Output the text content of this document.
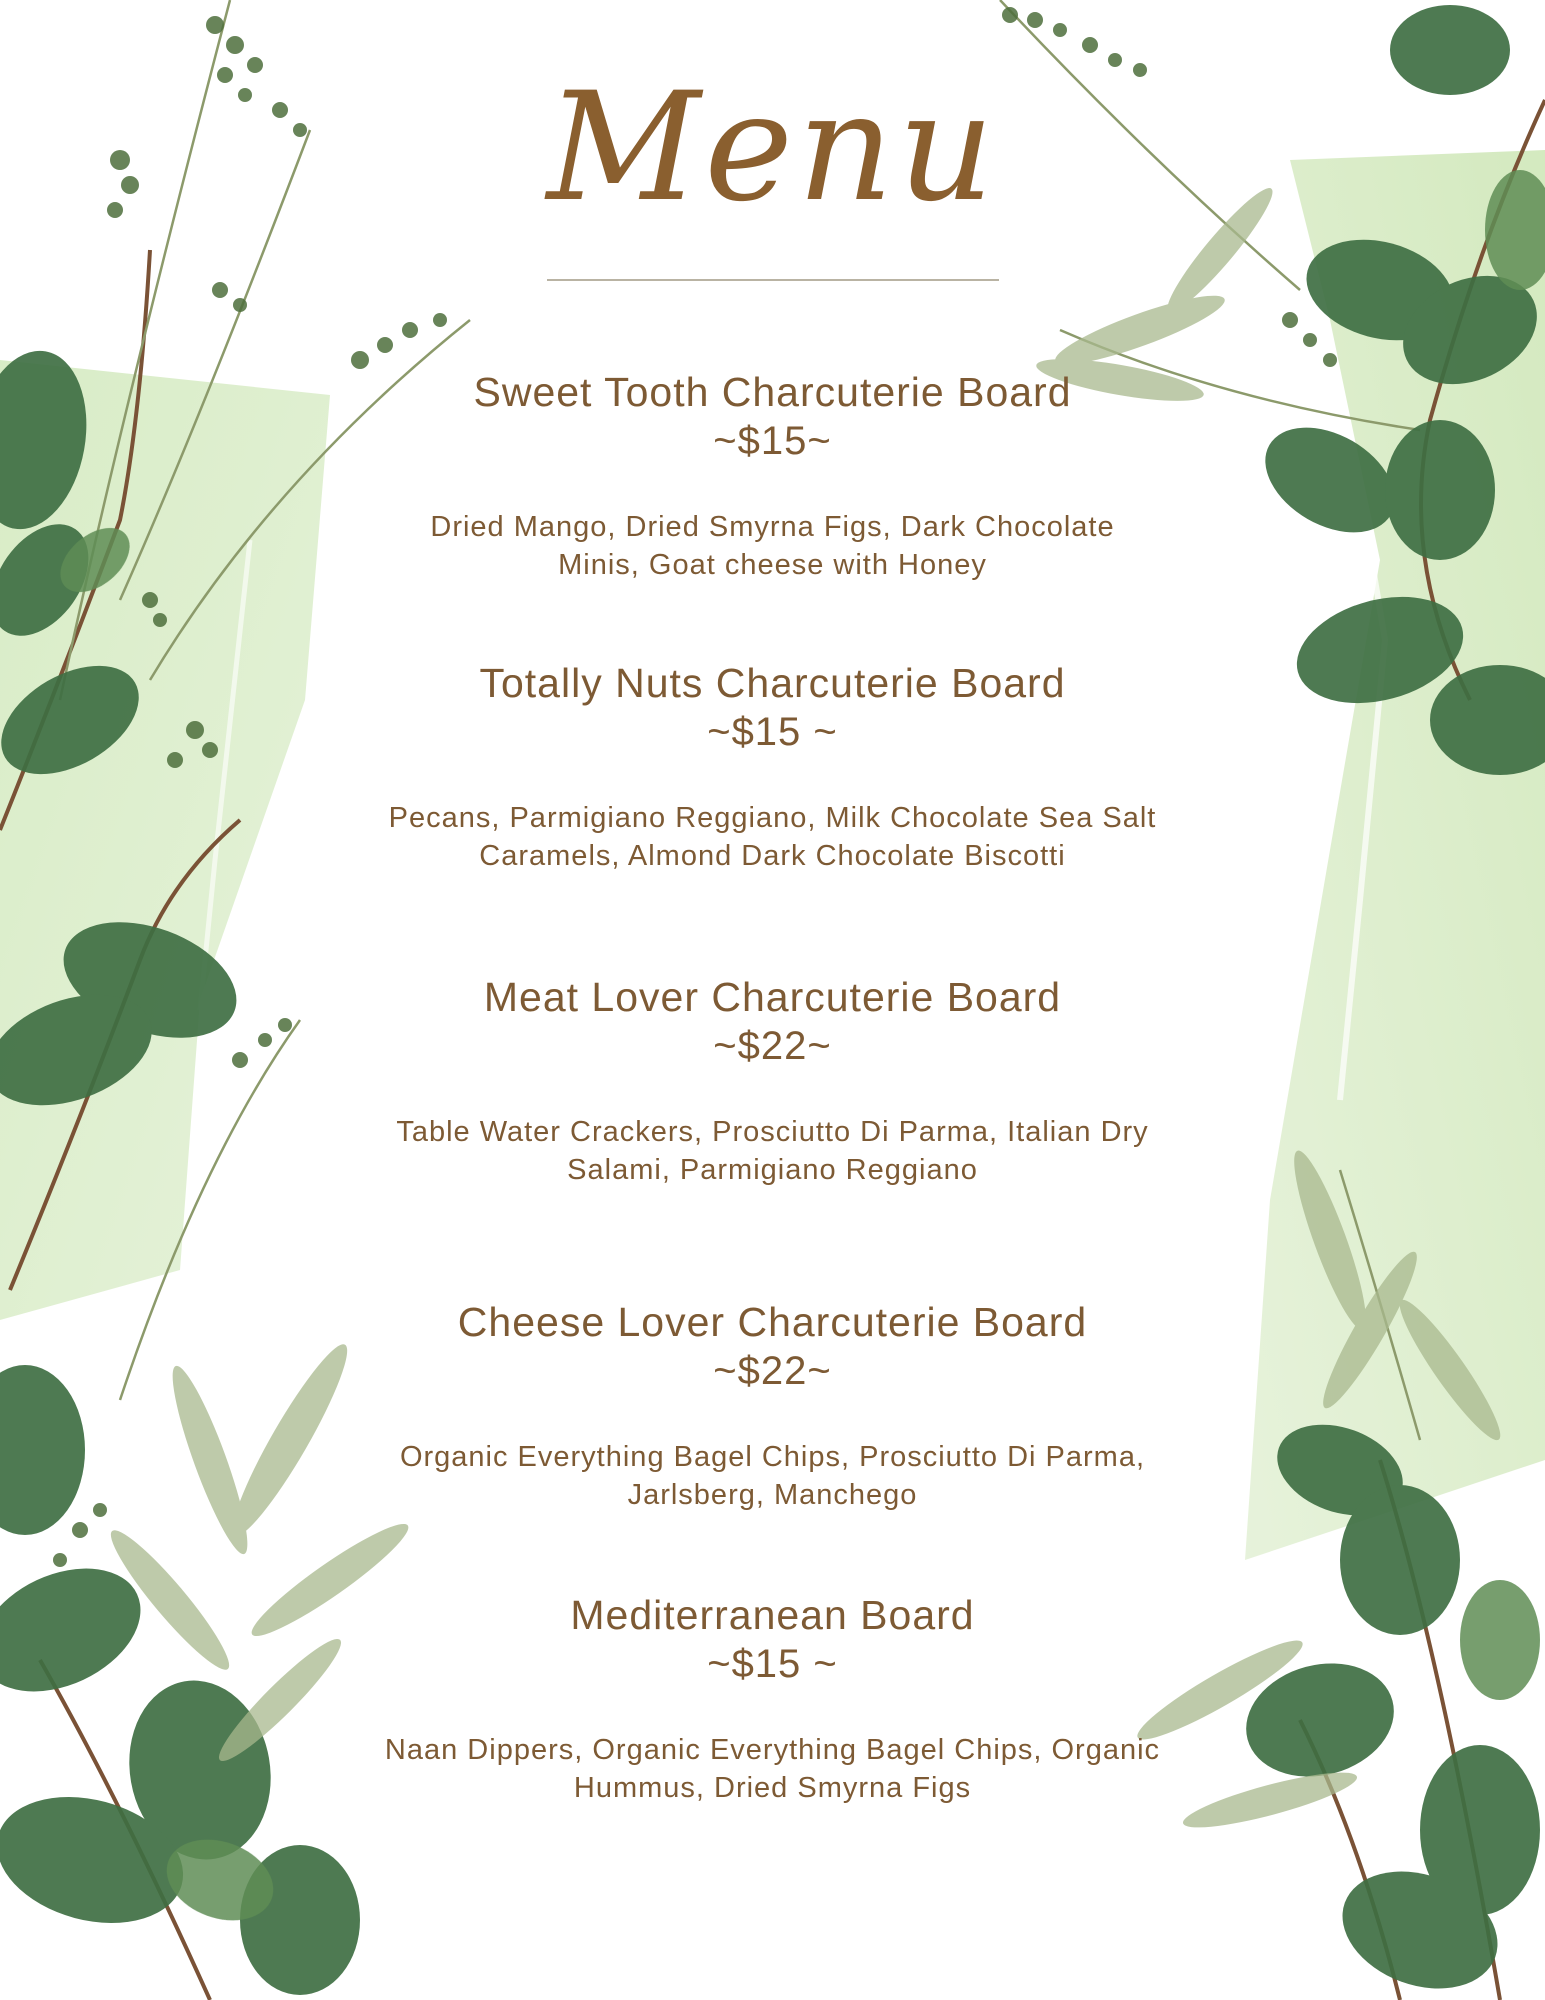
Menu
Sweet Tooth Charcuterie Board
~$15~
Dried Mango, Dried Smyrna Figs, Dark Chocolate
Minis, Goat cheese with Honey
Totally Nuts Charcuterie Board
~$15 ~
Pecans, Parmigiano Reggiano, Milk Chocolate Sea Salt
Caramels, Almond Dark Chocolate Biscotti
Meat Lover Charcuterie Board
~$22~
Table Water Crackers, Prosciutto Di Parma, Italian Dry
Salami, Parmigiano Reggiano
Cheese Lover Charcuterie Board
~$22~
Organic Everything Bagel Chips, Prosciutto Di Parma,
Jarlsberg, Manchego
Mediterranean Board
~$15 ~
Naan Dippers, Organic Everything Bagel Chips, Organic
Hummus, Dried Smyrna Figs
